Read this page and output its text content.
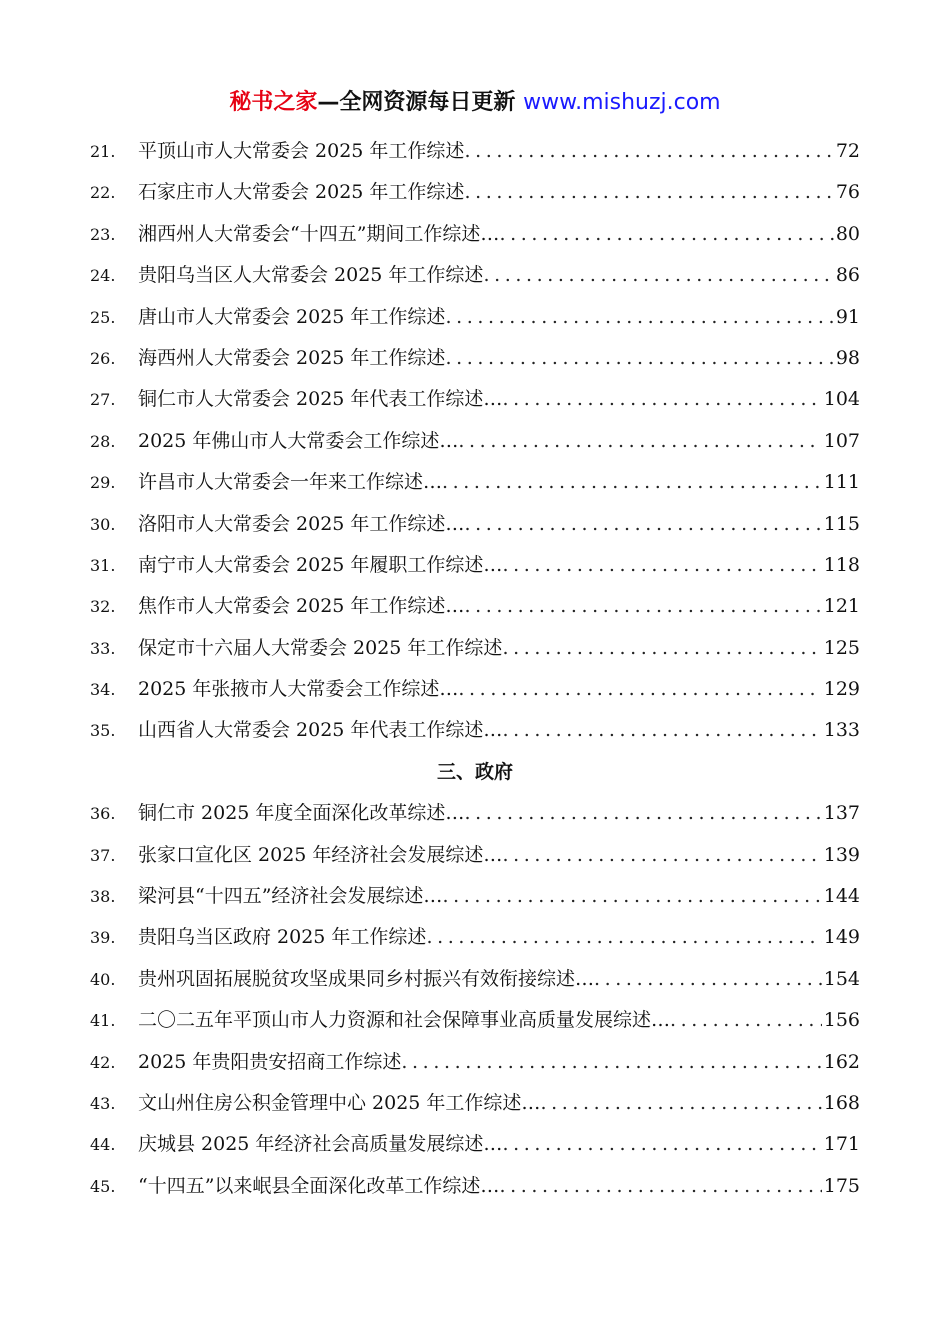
秘书之家—全网资源每日更新 www.mishuzj.com
21.	平顶山市人大常委会 2025 年工作综述 .....	72
22.	石家庄市人大常委会 2025 年工作综述 .....	76
23.	湘西州人大常委会“十四五”期间工作综述… .....	80
24.	贵阳乌当区人大常委会 2025 年工作综述 .....	86
25.	唐山市人大常委会 2025 年工作综述 .....	91
26.	海西州人大常委会 2025 年工作综述 .....	98
27.	铜仁市人大常委会 2025 年代表工作综述… .....	104
28.	2025 年佛山市人大常委会工作综述… .....	107
29.	许昌市人大常委会一年来工作综述… .....	111
30.	洛阳市人大常委会 2025 年工作综述… .....	115
31.	南宁市人大常委会 2025 年履职工作综述… .....	118
32.	焦作市人大常委会 2025 年工作综述… .....	121
33.	保定市十六届人大常委会 2025 年工作综述 .....	125
34.	2025 年张掖市人大常委会工作综述… .....	129
35.	山西省人大常委会 2025 年代表工作综述… .....	133
三、政府
36.	铜仁市 2025 年度全面深化改革综述… .....	137
37.	张家口宣化区 2025 年经济社会发展综述… .....	139
38.	梁河县“十四五”经济社会发展综述… .....	144
39.	贵阳乌当区政府 2025 年工作综述 .....	149
40.	贵州巩固拓展脱贫攻坚成果同乡村振兴有效衔接综述… .....	154
41.	二〇二五年平顶山市人力资源和社会保障事业高质量发展综述… .....	156
42.	2025 年贵阳贵安招商工作综述 .....	162
43.	文山州住房公积金管理中心 2025 年工作综述… .....	168
44.	庆城县 2025 年经济社会高质量发展综述… .....	171
45.	“十四五”以来岷县全面深化改革工作综述… .....	175
